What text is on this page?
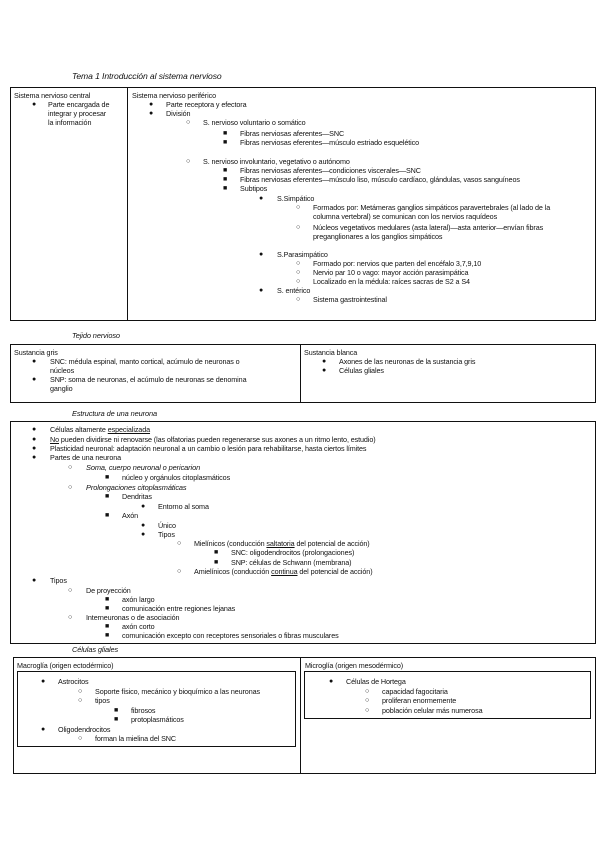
Tema 1 Introducción al sistema nervioso
Sistema nervioso central
● Parte encargada de
integrar y procesar
la información
Sistema nervioso periférico
● Parte receptora y efectora
● División
○ S. nervioso voluntario o somático
■ Fibras nerviosas aferentes—SNC
■ Fibras nerviosas eferentes—músculo estriado esquelético
○ S. nervioso involuntario, vegetativo o autónomo
■ Fibras nerviosas aferentes—condiciones viscerales—SNC
■ Fibras nerviosas eferentes—músculo liso, músculo cardíaco, glándulas, vasos sanguíneos
■ Subtipos
● S.Simpático
○ Formados por: Metámeras ganglios simpáticos paravertebrales (al lado de la
columna vertebral) se comunican con los nervios raquídeos
○ Núcleos vegetativos medulares (asta lateral)—asta anterior—envían fibras
preganglionares a los ganglios simpáticos
● S.Parasimpático
○ Formado por: nervios que parten del encéfalo 3,7,9,10
○ Nervio par 10 o vago: mayor acción parasimpática
○ Localizado en la médula: raíces sacras de S2 a S4
● S. entérico
○ Sistema gastrointestinal
Tejido nervioso
Sustancia gris
● SNC: médula espinal, manto cortical, acúmulo de neuronas o
núcleos
● SNP: soma de neuronas, el acúmulo de neuronas se denomina
ganglio
Sustancia blanca
● Axones de las neuronas de la sustancia gris
● Células gliales
Estructura de una neurona
● Células altamente especializada
● No pueden dividirse ni renovarse (las olfatorias pueden regenerarse sus axones a un ritmo lento, estudio)
● Plasticidad neuronal: adaptación neuronal a un cambio o lesión para rehabilitarse, hasta ciertos límites
● Partes de una neurona
○ Soma, cuerpo neuronal o pericarion
■ núcleo y orgánulos citoplasmáticos
○ Prolongaciones citoplasmáticas
■ Dendritas
● Entorno al soma
■ Axón
● Único
● Tipos
○ Mielínicos (conducción saltatoria del potencial de acción)
■ SNC: oligodendrocitos (prolongaciones)
■ SNP: células de Schwann (membrana)
○ Amielínicos (conducción continua del potencial de acción)
● Tipos
○ De proyección
■ axón largo
■ comunicación entre regiones lejanas
○ Interneuronas o de asociación
■ axón corto
■ comunicación excepto con receptores sensoriales o fibras musculares
Células gliales
Macroglía (origen ectodérmico)
● Astrocitos
○ Soporte físico, mecánico y bioquímico a las neuronas
○ tipos
■ fibrosos
■ protoplasmáticos
● Oligodendrocitos
○ forman la mielina del SNC
Microglía (origen mesodérmico)
● Células de Hortega
○ capacidad fagocitaria
○ proliferan enormemente
○ población celular más numerosa
